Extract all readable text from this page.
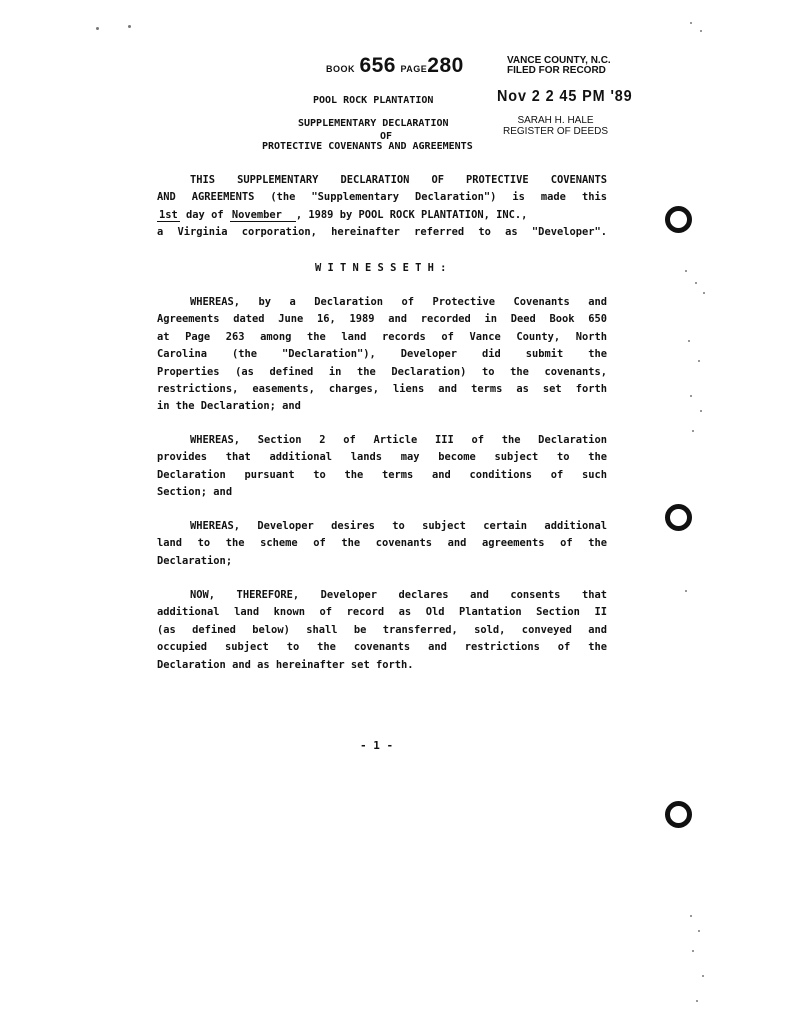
BOOK 656 PAGE280	VANCE COUNTY, N.C.
FILED FOR RECORD
Nov 2 2 45 PM '89
SARAH H. HALE
REGISTER OF DEEDS
POOL ROCK PLANTATION
SUPPLEMENTARY DECLARATION
OF
PROTECTIVE COVENANTS AND AGREEMENTS
THIS SUPPLEMENTARY DECLARATION OF PROTECTIVE COVENANTS
AND AGREEMENTS (the "Supplementary Declaration") is made this
1st day of November , 1989 by POOL ROCK PLANTATION, INC.,
a Virginia corporation, hereinafter referred to as "Developer".
W I T N E S S E T H :
WHEREAS, by a Declaration of Protective Covenants and
Agreements dated June 16, 1989 and recorded in Deed Book 650
at Page 263 among the land records of Vance County, North
Carolina (the "Declaration"), Developer did submit the
Properties (as defined in the Declaration) to the covenants,
restrictions, easements, charges, liens and terms as set forth
in the Declaration; and
WHEREAS, Section 2 of Article III of the Declaration
provides that additional lands may become subject to the
Declaration pursuant to the terms and conditions of such
Section; and
WHEREAS, Developer desires to subject certain additional
land to the scheme of the covenants and agreements of the
Declaration;
NOW, THEREFORE, Developer declares and consents that
additional land known of record as Old Plantation Section II
(as defined below) shall be transferred, sold, conveyed and
occupied subject to the covenants and restrictions of the
Declaration and as hereinafter set forth.
- 1 -
